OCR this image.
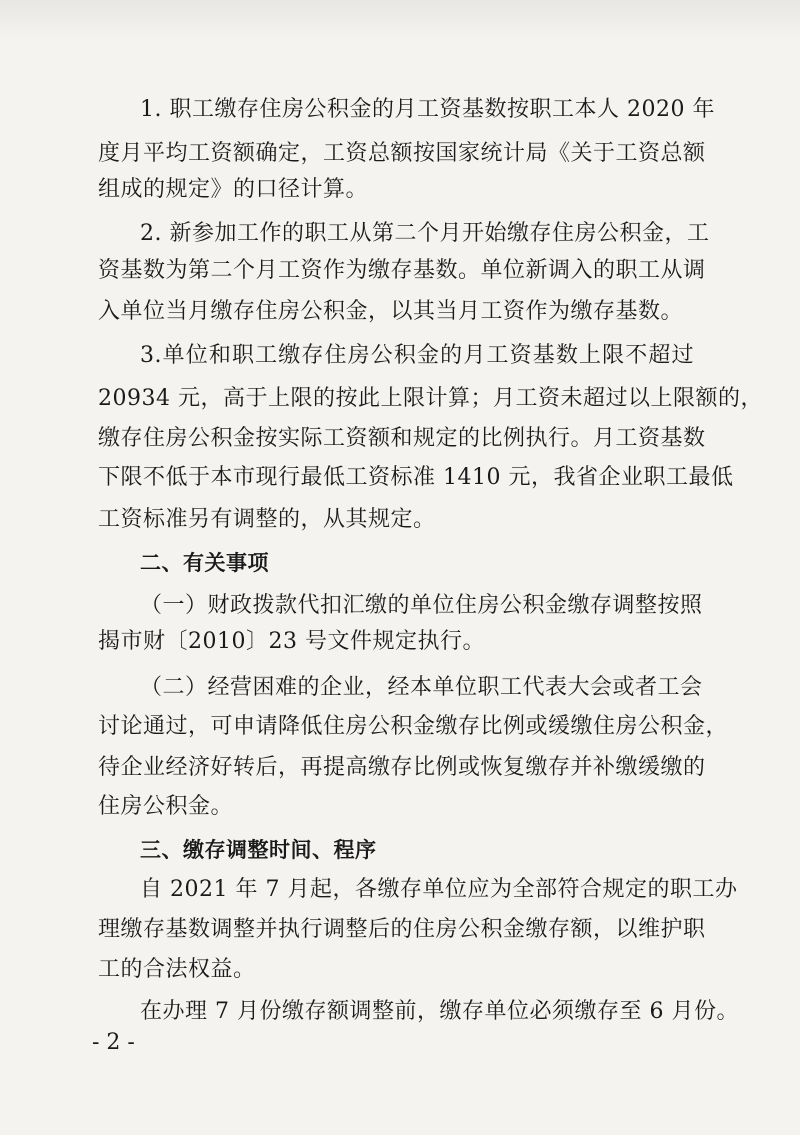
1. 职工缴存住房公积金的月工资基数按职工本人 2020 年
度月平均工资额确定，工资总额按国家统计局《关于工资总额
组成的规定》的口径计算。
2. 新参加工作的职工从第二个月开始缴存住房公积金，工
资基数为第二个月工资作为缴存基数。单位新调入的职工从调
入单位当月缴存住房公积金，以其当月工资作为缴存基数。
3.单位和职工缴存住房公积金的月工资基数上限不超过
20934 元，高于上限的按此上限计算；月工资未超过以上限额的，
缴存住房公积金按实际工资额和规定的比例执行。月工资基数
下限不低于本市现行最低工资标准 1410 元，我省企业职工最低
工资标准另有调整的，从其规定。
二、有关事项
（一）财政拨款代扣汇缴的单位住房公积金缴存调整按照
揭市财〔2010〕23 号文件规定执行。
（二）经营困难的企业，经本单位职工代表大会或者工会
讨论通过，可申请降低住房公积金缴存比例或缓缴住房公积金，
待企业经济好转后，再提高缴存比例或恢复缴存并补缴缓缴的
住房公积金。
三、缴存调整时间、程序
自 2021 年 7 月起，各缴存单位应为全部符合规定的职工办
理缴存基数调整并执行调整后的住房公积金缴存额，以维护职
工的合法权益。
在办理 7 月份缴存额调整前，缴存单位必须缴存至 6 月份。
- 2 -
